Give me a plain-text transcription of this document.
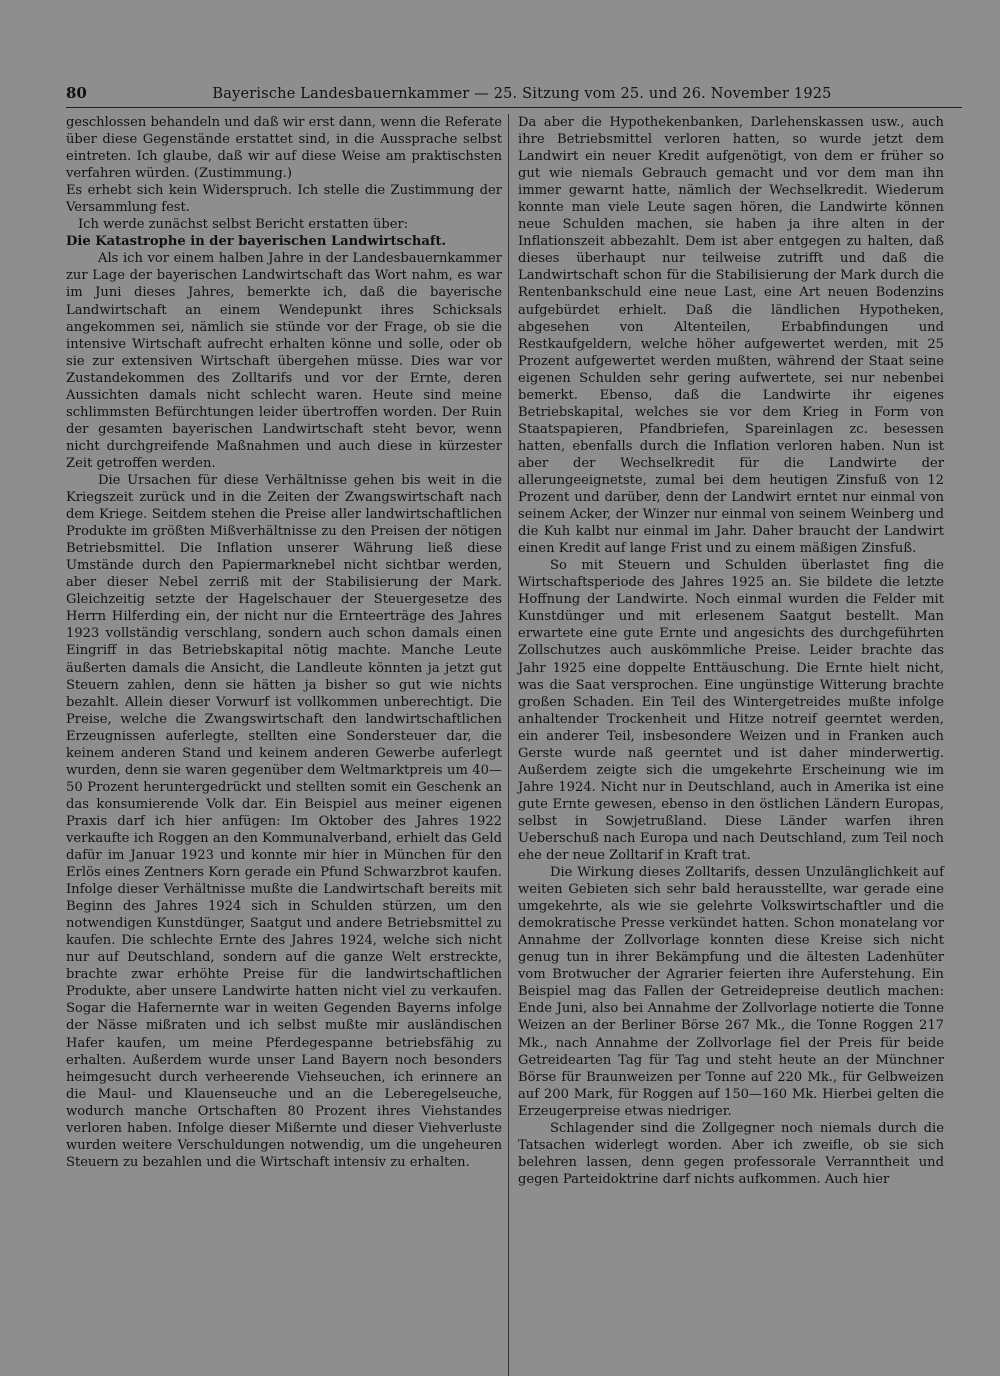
80	Bayerische Landesbauernkammer — 25. Sitzung vom 25. und 26. November 1925

geschlossen behandeln und daß wir erst dann, wenn die Referate über diese Gegenstände erstattet sind, in die Aussprache selbst eintreten. Ich glaube, daß wir auf diese Weise am praktischsten verfahren würden. (Zustimmung.)

Es erhebt sich kein Widerspruch. Ich stelle die Zustimmung der Versammlung fest.

Ich werde zunächst selbst Bericht erstatten über:

Die Katastrophe in der bayerischen Landwirtschaft.

Als ich vor einem halben Jahre in der Landesbauernkammer zur Lage der bayerischen Landwirtschaft das Wort nahm, es war im Juni dieses Jahres, bemerkte ich, daß die bayerische Landwirtschaft an einem Wendepunkt ihres Schicksals angekommen sei, nämlich sie stünde vor der Frage, ob sie die intensive Wirtschaft aufrecht erhalten könne und solle, oder ob sie zur extensiven Wirtschaft übergehen müsse. Dies war vor Zustandekommen des Zolltarifs und vor der Ernte, deren Aussichten damals nicht schlecht waren. Heute sind meine schlimmsten Befürchtungen leider übertroffen worden. Der Ruin der gesamten bayerischen Landwirtschaft steht bevor, wenn nicht durchgreifende Maßnahmen und auch diese in kürzester Zeit getroffen werden.

Die Ursachen für diese Verhältnisse gehen bis weit in die Kriegszeit zurück und in die Zeiten der Zwangswirtschaft nach dem Kriege. Seitdem stehen die Preise aller landwirtschaftlichen Produkte im größten Mißverhältnisse zu den Preisen der nötigen Betriebsmittel. Die Inflation unserer Währung ließ diese Umstände durch den Papiermarknebel nicht sichtbar werden, aber dieser Nebel zerriß mit der Stabilisierung der Mark. Gleichzeitig setzte der Hagelschauer der Steuergesetze des Herrn Hilferding ein, der nicht nur die Ernteerträge des Jahres 1923 vollständig verschlang, sondern auch schon damals einen Eingriff in das Betriebskapital nötig machte. Manche Leute äußerten damals die Ansicht, die Landleute könnten ja jetzt gut Steuern zahlen, denn sie hätten ja bisher so gut wie nichts bezahlt. Allein dieser Vorwurf ist vollkommen unberechtigt. Die Preise, welche die Zwangswirtschaft den landwirtschaftlichen Erzeugnissen auferlegte, stellten eine Sondersteuer dar, die keinem anderen Stand und keinem anderen Gewerbe auferlegt wurden, denn sie waren gegenüber dem Weltmarktpreis um 40—50 Prozent heruntergedrückt und stellten somit ein Geschenk an das konsumierende Volk dar. Ein Beispiel aus meiner eigenen Praxis darf ich hier anfügen: Im Oktober des Jahres 1922 verkaufte ich Roggen an den Kommunalverband, erhielt das Geld dafür im Januar 1923 und konnte mir hier in München für den Erlös eines Zentners Korn gerade ein Pfund Schwarzbrot kaufen. Infolge dieser Verhältnisse mußte die Landwirtschaft bereits mit Beginn des Jahres 1924 sich in Schulden stürzen, um den notwendigen Kunstdünger, Saatgut und andere Betriebsmittel zu kaufen. Die schlechte Ernte des Jahres 1924, welche sich nicht nur auf Deutschland, sondern auf die ganze Welt erstreckte, brachte zwar erhöhte Preise für die landwirtschaftlichen Produkte, aber unsere Landwirte hatten nicht viel zu verkaufen. Sogar die Hafernernte war in weiten Gegenden Bayerns infolge der Nässe mißraten und ich selbst mußte mir ausländischen Hafer kaufen, um meine Pferdegespanne betriebsfähig zu erhalten. Außerdem wurde unser Land Bayern noch besonders heimgesucht durch verheerende Viehseuchen, ich erinnere an die Maul- und Klauenseuche und an die Leberegelseuche, wodurch manche Ortschaften 80 Prozent ihres Viehstandes verloren haben. Infolge dieser Mißernte und dieser Viehverluste wurden weitere Verschuldungen notwendig, um die ungeheuren Steuern zu bezahlen und die Wirtschaft intensiv zu erhalten.

Da aber die Hypothekenbanken, Darlehenskassen usw., auch ihre Betriebsmittel verloren hatten, so wurde jetzt dem Landwirt ein neuer Kredit aufgenötigt, von dem er früher so gut wie niemals Gebrauch gemacht und vor dem man ihn immer gewarnt hatte, nämlich der Wechselkredit. Wiederum konnte man viele Leute sagen hören, die Landwirte können neue Schulden machen, sie haben ja ihre alten in der Inflationszeit abbezahlt. Dem ist aber entgegen zu halten, daß dieses überhaupt nur teilweise zutrifft und daß die Landwirtschaft schon für die Stabilisierung der Mark durch die Rentenbankschuld eine neue Last, eine Art neuen Bodenzins aufgebürdet erhielt. Daß die ländlichen Hypotheken, abgesehen von Altenteilen, Erbabfindungen und Restkaufgeldern, welche höher aufgewertet werden, mit 25 Prozent aufgewertet werden mußten, während der Staat seine eigenen Schulden sehr gering aufwertete, sei nur nebenbei bemerkt. Ebenso, daß die Landwirte ihr eigenes Betriebskapital, welches sie vor dem Krieg in Form von Staatspapieren, Pfandbriefen, Spareinlagen zc. besessen hatten, ebenfalls durch die Inflation verloren haben. Nun ist aber der Wechselkredit für die Landwirte der allerungeeignetste, zumal bei dem heutigen Zinsfuß von 12 Prozent und darüber, denn der Landwirt erntet nur einmal von seinem Acker, der Winzer nur einmal von seinem Weinberg und die Kuh kalbt nur einmal im Jahr. Daher braucht der Landwirt einen Kredit auf lange Frist und zu einem mäßigen Zinsfuß.

So mit Steuern und Schulden überlastet fing die Wirtschaftsperiode des Jahres 1925 an. Sie bildete die letzte Hoffnung der Landwirte. Noch einmal wurden die Felder mit Kunstdünger und mit erlesenem Saatgut bestellt. Man erwartete eine gute Ernte und angesichts des durchgeführten Zollschutzes auch auskömmliche Preise. Leider brachte das Jahr 1925 eine doppelte Enttäuschung. Die Ernte hielt nicht, was die Saat versprochen. Eine ungünstige Witterung brachte großen Schaden. Ein Teil des Wintergetreides mußte infolge anhaltender Trockenheit und Hitze notreif geerntet werden, ein anderer Teil, insbesondere Weizen und in Franken auch Gerste wurde naß geerntet und ist daher minderwertig. Außerdem zeigte sich die umgekehrte Erscheinung wie im Jahre 1924. Nicht nur in Deutschland, auch in Amerika ist eine gute Ernte gewesen, ebenso in den östlichen Ländern Europas, selbst in Sowjetrußland. Diese Länder warfen ihren Ueberschuß nach Europa und nach Deutschland, zum Teil noch ehe der neue Zolltarif in Kraft trat.

Die Wirkung dieses Zolltarifs, dessen Unzulänglichkeit auf weiten Gebieten sich sehr bald herausstellte, war gerade eine umgekehrte, als wie sie gelehrte Volkswirtschaftler und die demokratische Presse verkündet hatten. Schon monatelang vor Annahme der Zollvorlage konnten diese Kreise sich nicht genug tun in ihrer Bekämpfung und die ältesten Ladenhüter vom Brotwucher der Agrarier feierten ihre Auferstehung. Ein Beispiel mag das Fallen der Getreidepreise deutlich machen: Ende Juni, also bei Annahme der Zollvorlage notierte die Tonne Weizen an der Berliner Börse 267 Mk., die Tonne Roggen 217 Mk., nach Annahme der Zollvorlage fiel der Preis für beide Getreidearten Tag für Tag und steht heute an der Münchner Börse für Braunweizen per Tonne auf 220 Mk., für Gelbweizen auf 200 Mark, für Roggen auf 150—160 Mk. Hierbei gelten die Erzeugerpreise etwas niedriger.

Schlagender sind die Zollgegner noch niemals durch die Tatsachen widerlegt worden. Aber ich zweifle, ob sie sich belehren lassen, denn gegen professorale Verranntheit und gegen Parteidoktrine darf nichts aufkommen. Auch hier
